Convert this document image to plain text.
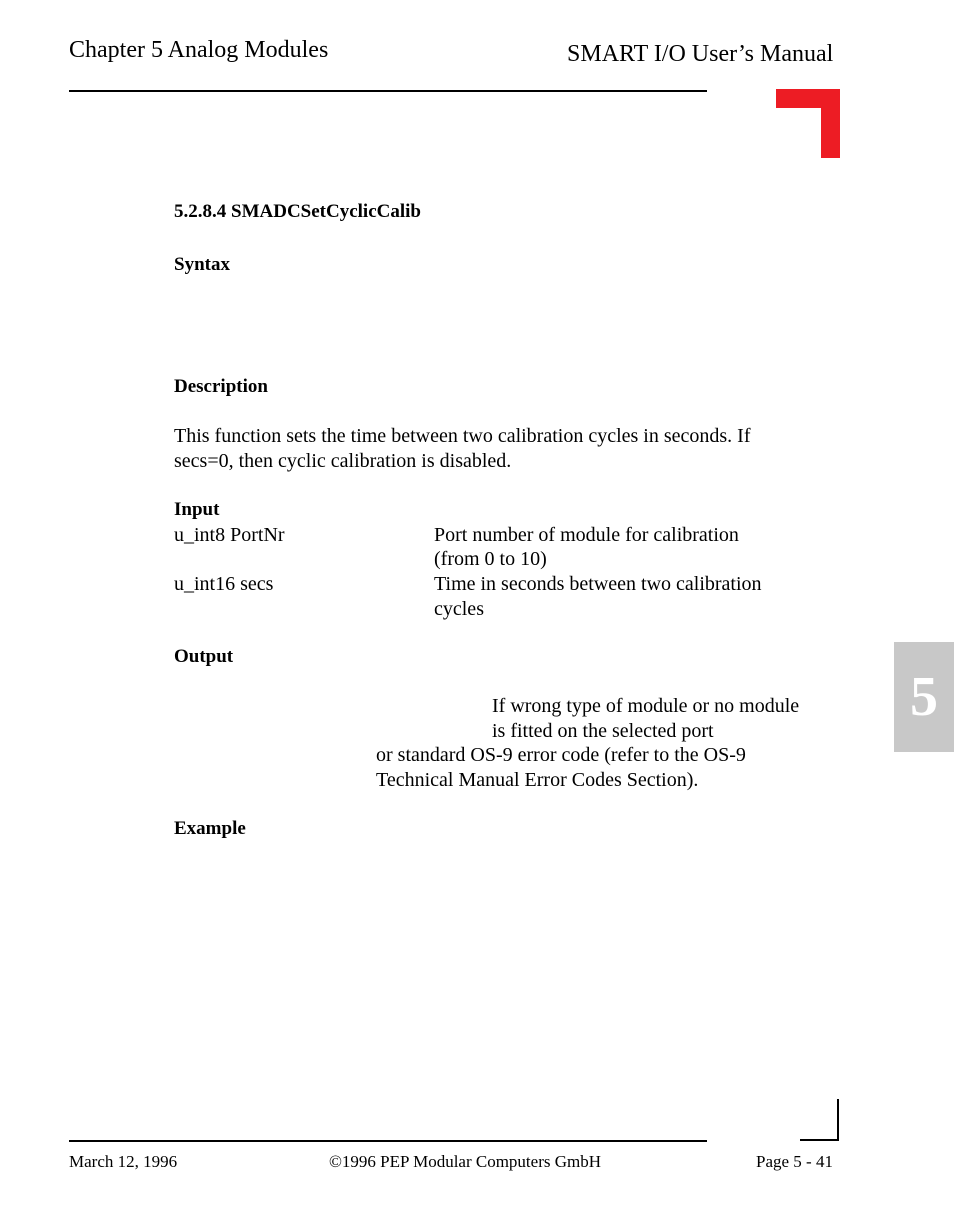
Chapter 5 Analog Modules	SMART I/O User’s Manual
5.2.8.4 SMADCSetCyclicCalib
Syntax
Description
This function sets the time between two calibration cycles in seconds. If
secs=0, then cyclic calibration is disabled.
Input
u_int8 PortNr	Port number of module for calibration
(from 0 to 10)
u_int16 secs	Time in seconds between two calibration
cycles
Output
If wrong type of module or no module
is fitted on the selected port
or standard OS-9 error code (refer to the OS-9
Technical Manual Error Codes Section).
Example
5
March 12, 1996	©1996 PEP Modular Computers GmbH	Page 5 - 41
